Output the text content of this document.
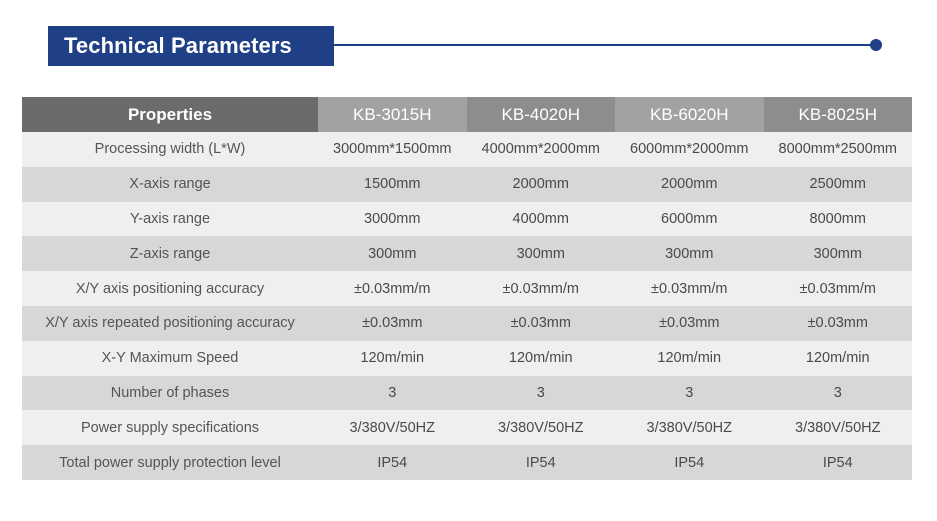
Technical Parameters
Properties	KB-3015H	KB-4020H	KB-6020H	KB-8025H
Processing width (L*W)	3000mm*1500mm	4000mm*2000mm	6000mm*2000mm	8000mm*2500mm
X-axis range	1500mm	2000mm	2000mm	2500mm
Y-axis range	3000mm	4000mm	6000mm	8000mm
Z-axis range	300mm	300mm	300mm	300mm
X/Y axis positioning accuracy	±0.03mm/m	±0.03mm/m	±0.03mm/m	±0.03mm/m
X/Y axis repeated positioning accuracy	±0.03mm	±0.03mm	±0.03mm	±0.03mm
X-Y Maximum Speed	120m/min	120m/min	120m/min	120m/min
Number of phases	3	3	3	3
Power supply specifications	3/380V/50HZ	3/380V/50HZ	3/380V/50HZ	3/380V/50HZ
Total power supply protection level	IP54	IP54	IP54	IP54
